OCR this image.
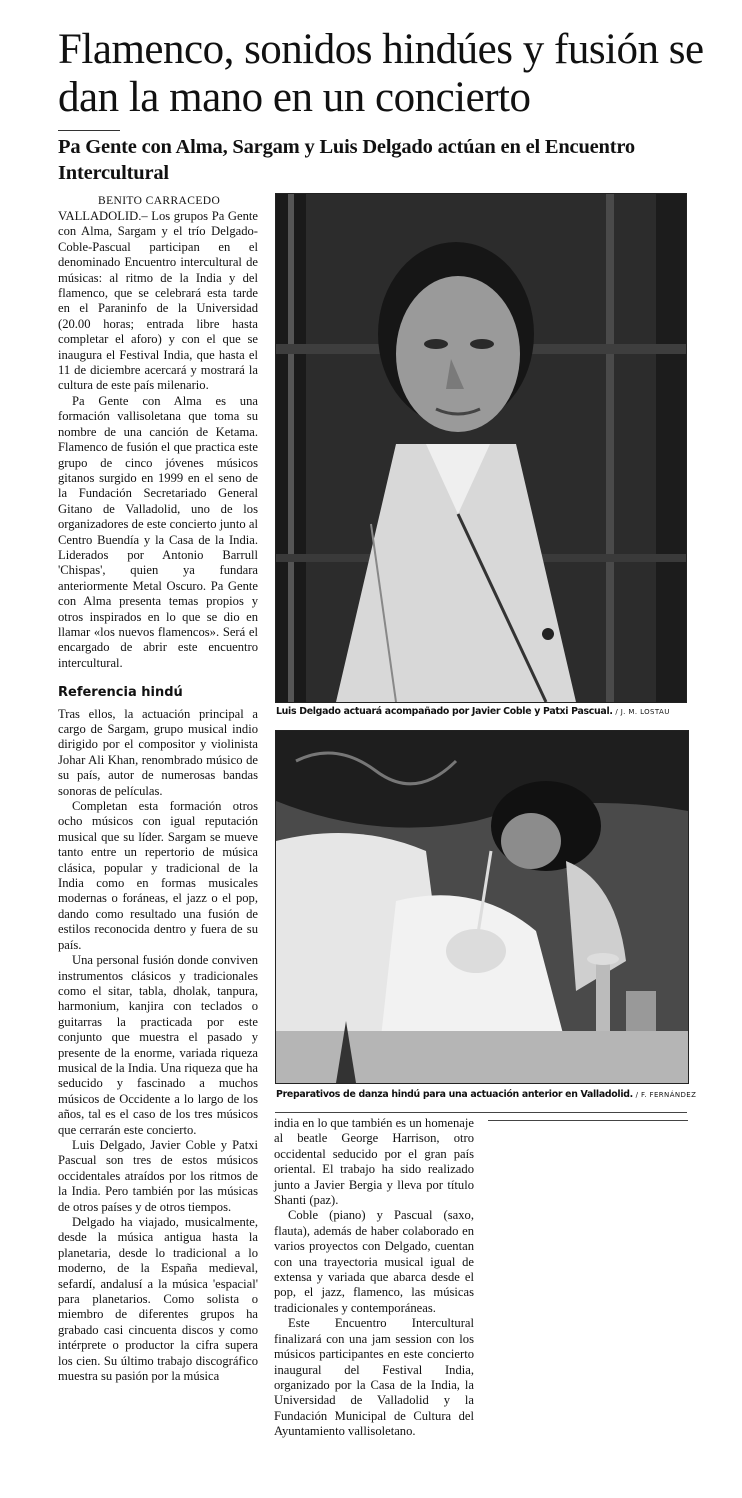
Flamenco, sonidos hindúes y fusión se dan la mano en un concierto
Pa Gente con Alma, Sargam y Luis Delgado actúan en el Encuentro Intercultural
BENITO CARRACEDO

VALLADOLID.– Los grupos Pa Gente con Alma, Sargam y el trío Delgado-Coble-Pascual participan en el denominado Encuentro intercultural de músicas: al ritmo de la India y del flamenco, que se celebrará esta tarde en el Paraninfo de la Universidad (20.00 horas; entrada libre hasta completar el aforo) y con el que se inaugura el Festival India, que hasta el 11 de diciembre acercará y mostrará la cultura de este país milenario.

Pa Gente con Alma es una formación vallisoletana que toma su nombre de una canción de Ketama. Flamenco de fusión el que practica este grupo de cinco jóvenes músicos gitanos surgido en 1999 en el seno de la Fundación Secretariado General Gitano de Valladolid, uno de los organizadores de este concierto junto al Centro Buendía y la Casa de la India. Liderados por Antonio Barrull 'Chispas', quien ya fundara anteriormente Metal Oscuro. Pa Gente con Alma presenta temas propios y otros inspirados en lo que se dio en llamar «los nuevos flamencos». Será el encargado de abrir este encuentro intercultural.

Referencia hindú

Tras ellos, la actuación principal a cargo de Sargam, grupo musical indio dirigido por el compositor y violinista Johar Ali Khan, renombrado músico de su país, autor de numerosas bandas sonoras de películas.

Completan esta formación otros ocho músicos con igual reputación musical que su líder. Sargam se mueve tanto entre un repertorio de música clásica, popular y tradicional de la India como en formas musicales modernas o foráneas, el jazz o el pop, dando como resultado una fusión de estilos reconocida dentro y fuera de su país.

Una personal fusión donde conviven instrumentos clásicos y tradicionales como el sitar, tabla, dholak, tanpura, harmonium, kanjira con teclados o guitarras la practicada por este conjunto que muestra el pasado y presente de la enorme, variada riqueza musical de la India. Una riqueza que ha seducido y fascinado a muchos músicos de Occidente a lo largo de los años, tal es el caso de los tres músicos que cerrarán este concierto.

Luis Delgado, Javier Coble y Patxi Pascual son tres de estos músicos occidentales atraídos por los ritmos de la India. Pero también por las músicas de otros países y de otros tiempos.

Delgado ha viajado, musicalmente, desde la música antigua hasta la planetaria, desde lo tradicional a lo moderno, de la España medieval, sefardí, andalusí a la música 'espacial' para planetarios. Como solista o miembro de diferentes grupos ha grabado casi cincuenta discos y como intérprete o productor la cifra supera los cien. Su último trabajo discográfico muestra su pasión por la música

Luis Delgado actuará acompañado por Javier Coble y Patxi Pascual. / J. M. LOSTAU
Preparativos de danza hindú para una actuación anterior en Valladolid. / F. FERNÁNDEZ

india en lo que también es un homenaje al beatle George Harrison, otro occidental seducido por el gran país oriental. El trabajo ha sido realizado junto a Javier Bergia y lleva por título Shanti (paz).

Coble (piano) y Pascual (saxo, flauta), además de haber colaborado en varios proyectos con Delgado, cuentan con una trayectoria musical igual de extensa y variada que abarca desde el pop, el jazz, flamenco, las músicas tradicionales y contemporáneas.

Este Encuentro Intercultural finalizará con una jam session con los músicos participantes en este concierto inaugural del Festival India, organizado por la Casa de la India, la Universidad de Valladolid y la Fundación Municipal de Cultura del Ayuntamiento vallisoletano.
